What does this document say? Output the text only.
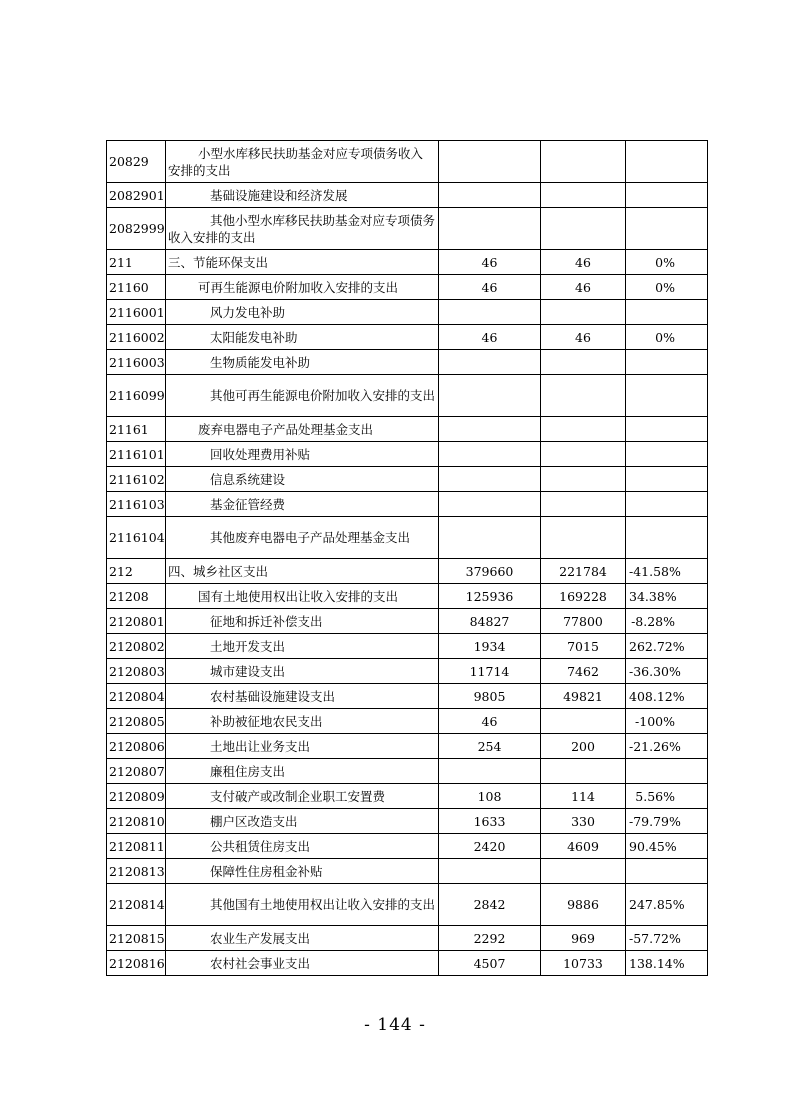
20829	小型水库移民扶助基金对应专项债务收入安排的支出			
2082901	基础设施建设和经济发展			
2082999	其他小型水库移民扶助基金对应专项债务收入安排的支出			
211	三、节能环保支出	46	46	0%
21160	可再生能源电价附加收入安排的支出	46	46	0%
2116001	风力发电补助			
2116002	太阳能发电补助	46	46	0%
2116003	生物质能发电补助			
2116099	其他可再生能源电价附加收入安排的支出			
21161	废弃电器电子产品处理基金支出			
2116101	回收处理费用补贴			
2116102	信息系统建设			
2116103	基金征管经费			
2116104	其他废弃电器电子产品处理基金支出			
212	四、城乡社区支出	379660	221784	-41.58%
21208	国有土地使用权出让收入安排的支出	125936	169228	34.38%
2120801	征地和拆迁补偿支出	84827	77800	-8.28%
2120802	土地开发支出	1934	7015	262.72%
2120803	城市建设支出	11714	7462	-36.30%
2120804	农村基础设施建设支出	9805	49821	408.12%
2120805	补助被征地农民支出	46		-100%
2120806	土地出让业务支出	254	200	-21.26%
2120807	廉租住房支出			
2120809	支付破产或改制企业职工安置费	108	114	5.56%
2120810	棚户区改造支出	1633	330	-79.79%
2120811	公共租赁住房支出	2420	4609	90.45%
2120813	保障性住房租金补贴			
2120814	其他国有土地使用权出让收入安排的支出	2842	9886	247.85%
2120815	农业生产发展支出	2292	969	-57.72%
2120816	农村社会事业支出	4507	10733	138.14%
- 144 -
